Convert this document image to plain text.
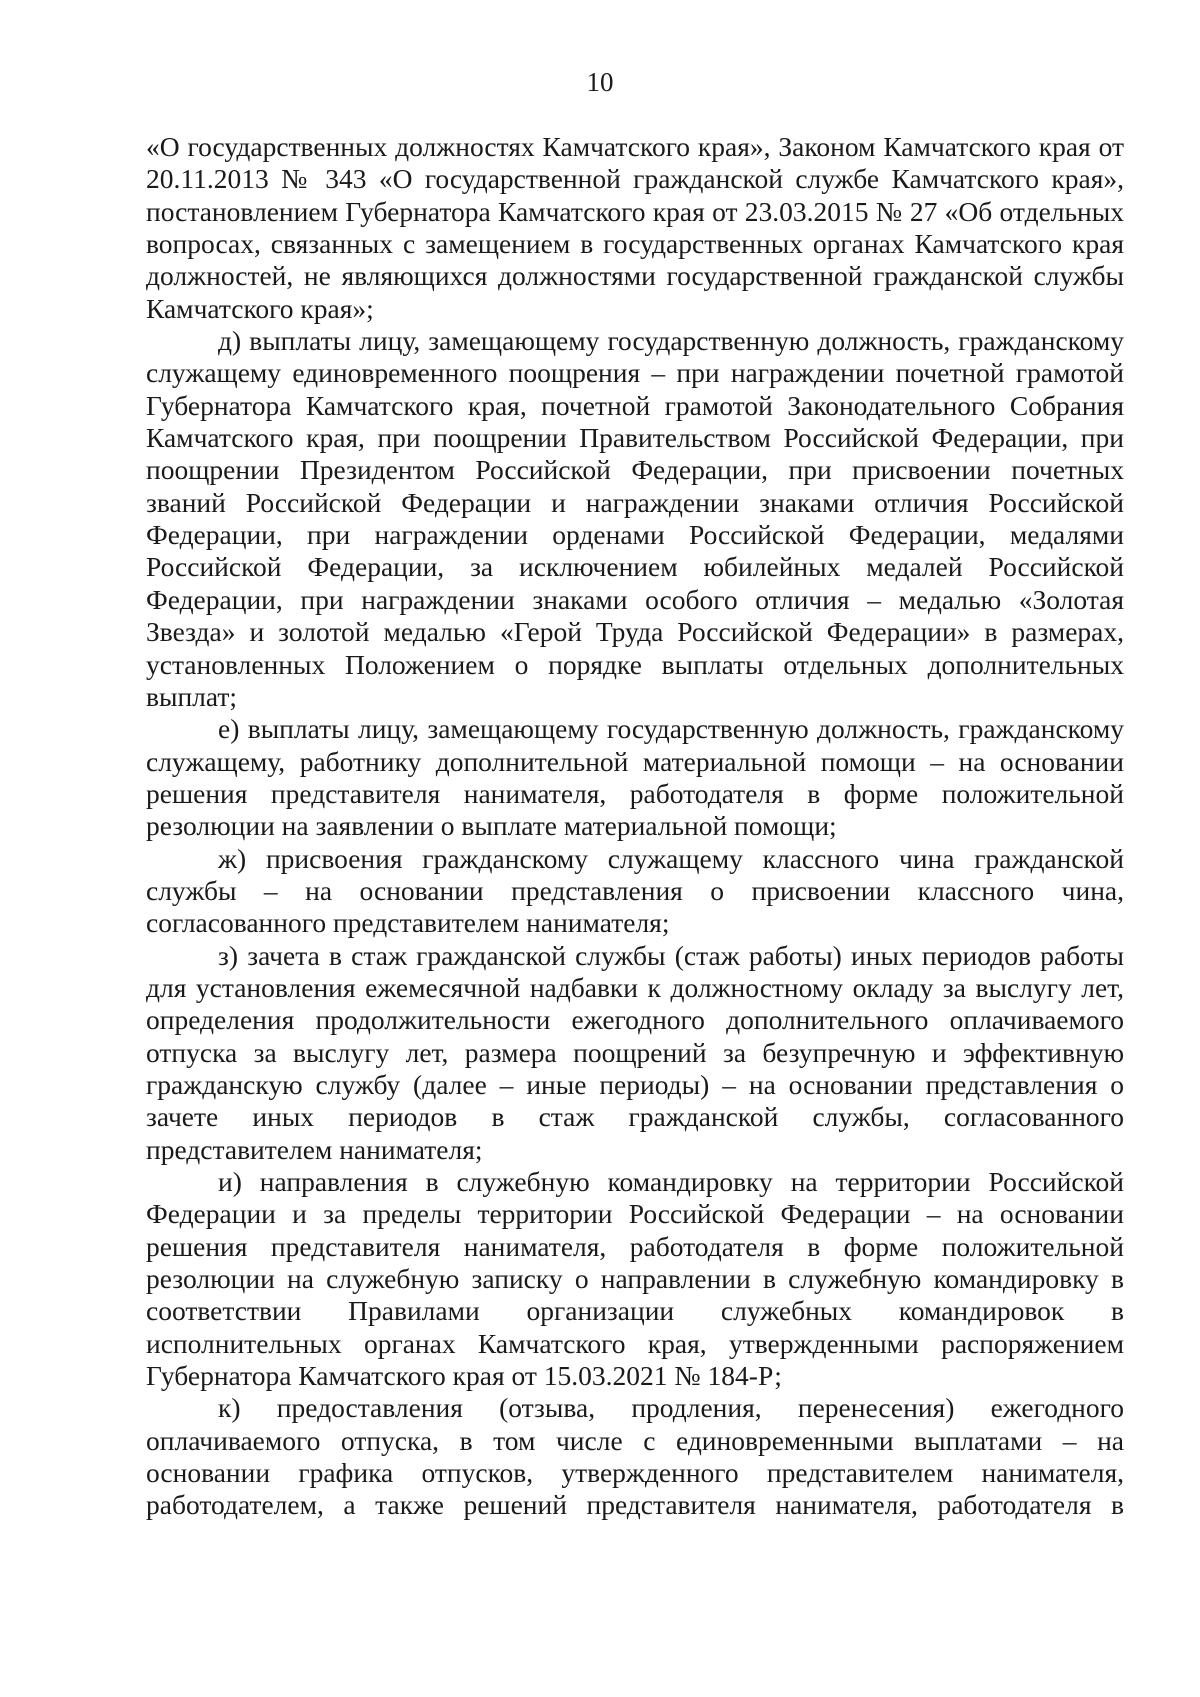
10

«О государственных должностях Камчатского края», Законом Камчатского края от 20.11.2013 № 343 «О государственной гражданской службе Камчатского края», постановлением Губернатора Камчатского края от 23.03.2015 № 27 «Об отдельных вопросах, связанных с замещением в государственных органах Камчатского края должностей, не являющихся должностями государственной гражданской службы Камчатского края»;

д) выплаты лицу, замещающему государственную должность, гражданскому служащему единовременного поощрения – при награждении почетной грамотой Губернатора Камчатского края, почетной грамотой Законодательного Собрания Камчатского края, при поощрении Правительством Российской Федерации, при поощрении Президентом Российской Федерации, при присвоении почетных званий Российской Федерации и награждении знаками отличия Российской Федерации, при награждении орденами Российской Федерации, медалями Российской Федерации, за исключением юбилейных медалей Российской Федерации, при награждении знаками особого отличия – медалью «Золотая Звезда» и золотой медалью «Герой Труда Российской Федерации» в размерах, установленных Положением о порядке выплаты отдельных дополнительных выплат;

е) выплаты лицу, замещающему государственную должность, гражданскому служащему, работнику дополнительной материальной помощи – на основании решения представителя нанимателя, работодателя в форме положительной резолюции на заявлении о выплате материальной помощи;

ж) присвоения гражданскому служащему классного чина гражданской службы – на основании представления о присвоении классного чина, согласованного представителем нанимателя;

з) зачета в стаж гражданской службы (стаж работы) иных периодов работы для установления ежемесячной надбавки к должностному окладу за выслугу лет, определения продолжительности ежегодного дополнительного оплачиваемого отпуска за выслугу лет, размера поощрений за безупречную и эффективную гражданскую службу (далее – иные периоды) – на основании представления о зачете иных периодов в стаж гражданской службы, согласованного представителем нанимателя;

и) направления в служебную командировку на территории Российской Федерации и за пределы территории Российской Федерации – на основании решения представителя нанимателя, работодателя в форме положительной резолюции на служебную записку о направлении в служебную командировку в соответствии Правилами организации служебных командировок в исполнительных органах Камчатского края, утвержденными распоряжением Губернатора Камчатского края от 15.03.2021 № 184-Р;

к) предоставления (отзыва, продления, перенесения) ежегодного оплачиваемого отпуска, в том числе с единовременными выплатами – на основании графика отпусков, утвержденного представителем нанимателя, работодателем, а также решений представителя нанимателя, работодателя в
